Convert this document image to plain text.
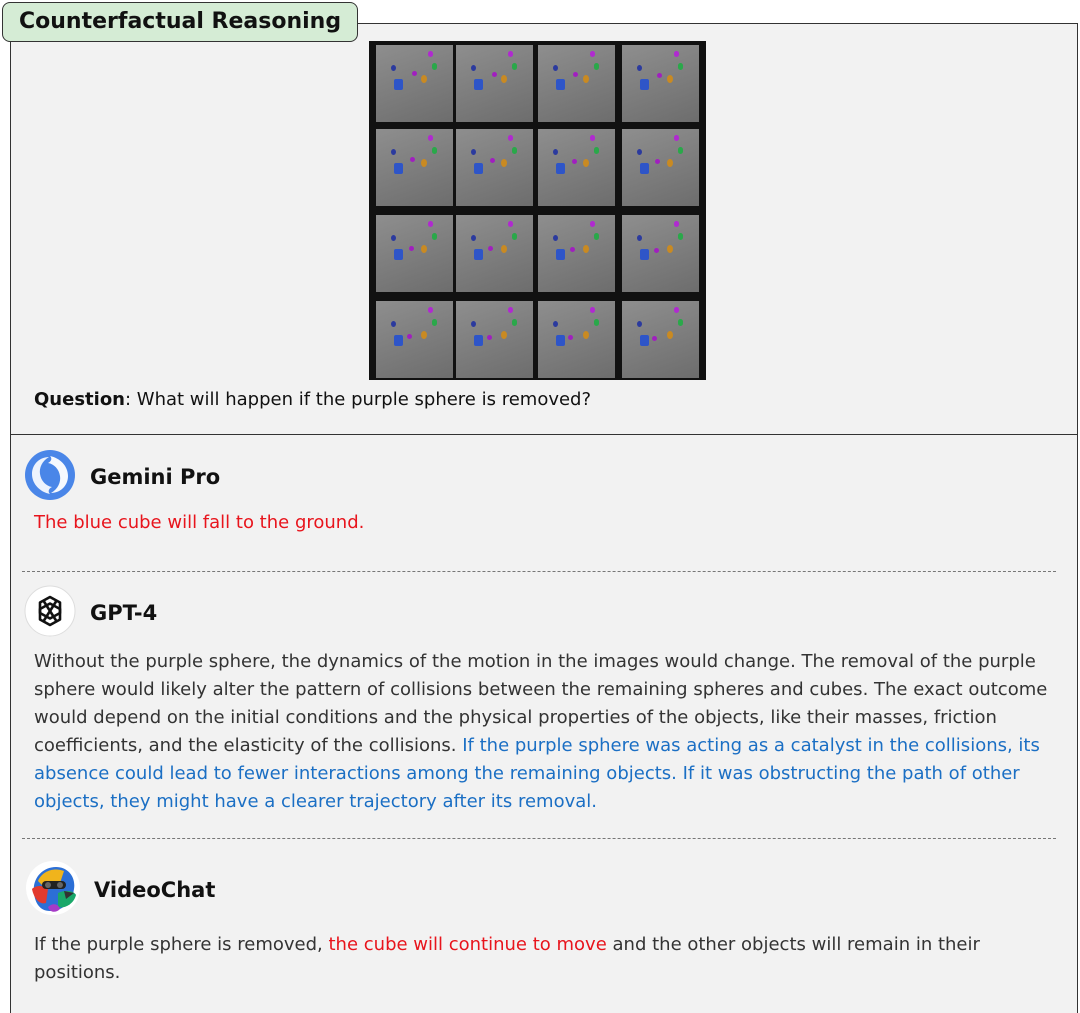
Counterfactual Reasoning
Question: What will happen if the purple sphere is removed?
Gemini Pro
The blue cube will fall to the ground.
GPT-4
Without the purple sphere, the dynamics of the motion in the images would change. The removal of the purple sphere would likely alter the pattern of collisions between the remaining spheres and cubes. The exact outcome would depend on the initial conditions and the physical properties of the objects, like their masses, friction coefficients, and the elasticity of the collisions. If the purple sphere was acting as a catalyst in the collisions, its absence could lead to fewer interactions among the remaining objects. If it was obstructing the path of other objects, they might have a clearer trajectory after its removal.
VideoChat
If the purple sphere is removed, the cube will continue to move and the other objects will remain in their positions.
